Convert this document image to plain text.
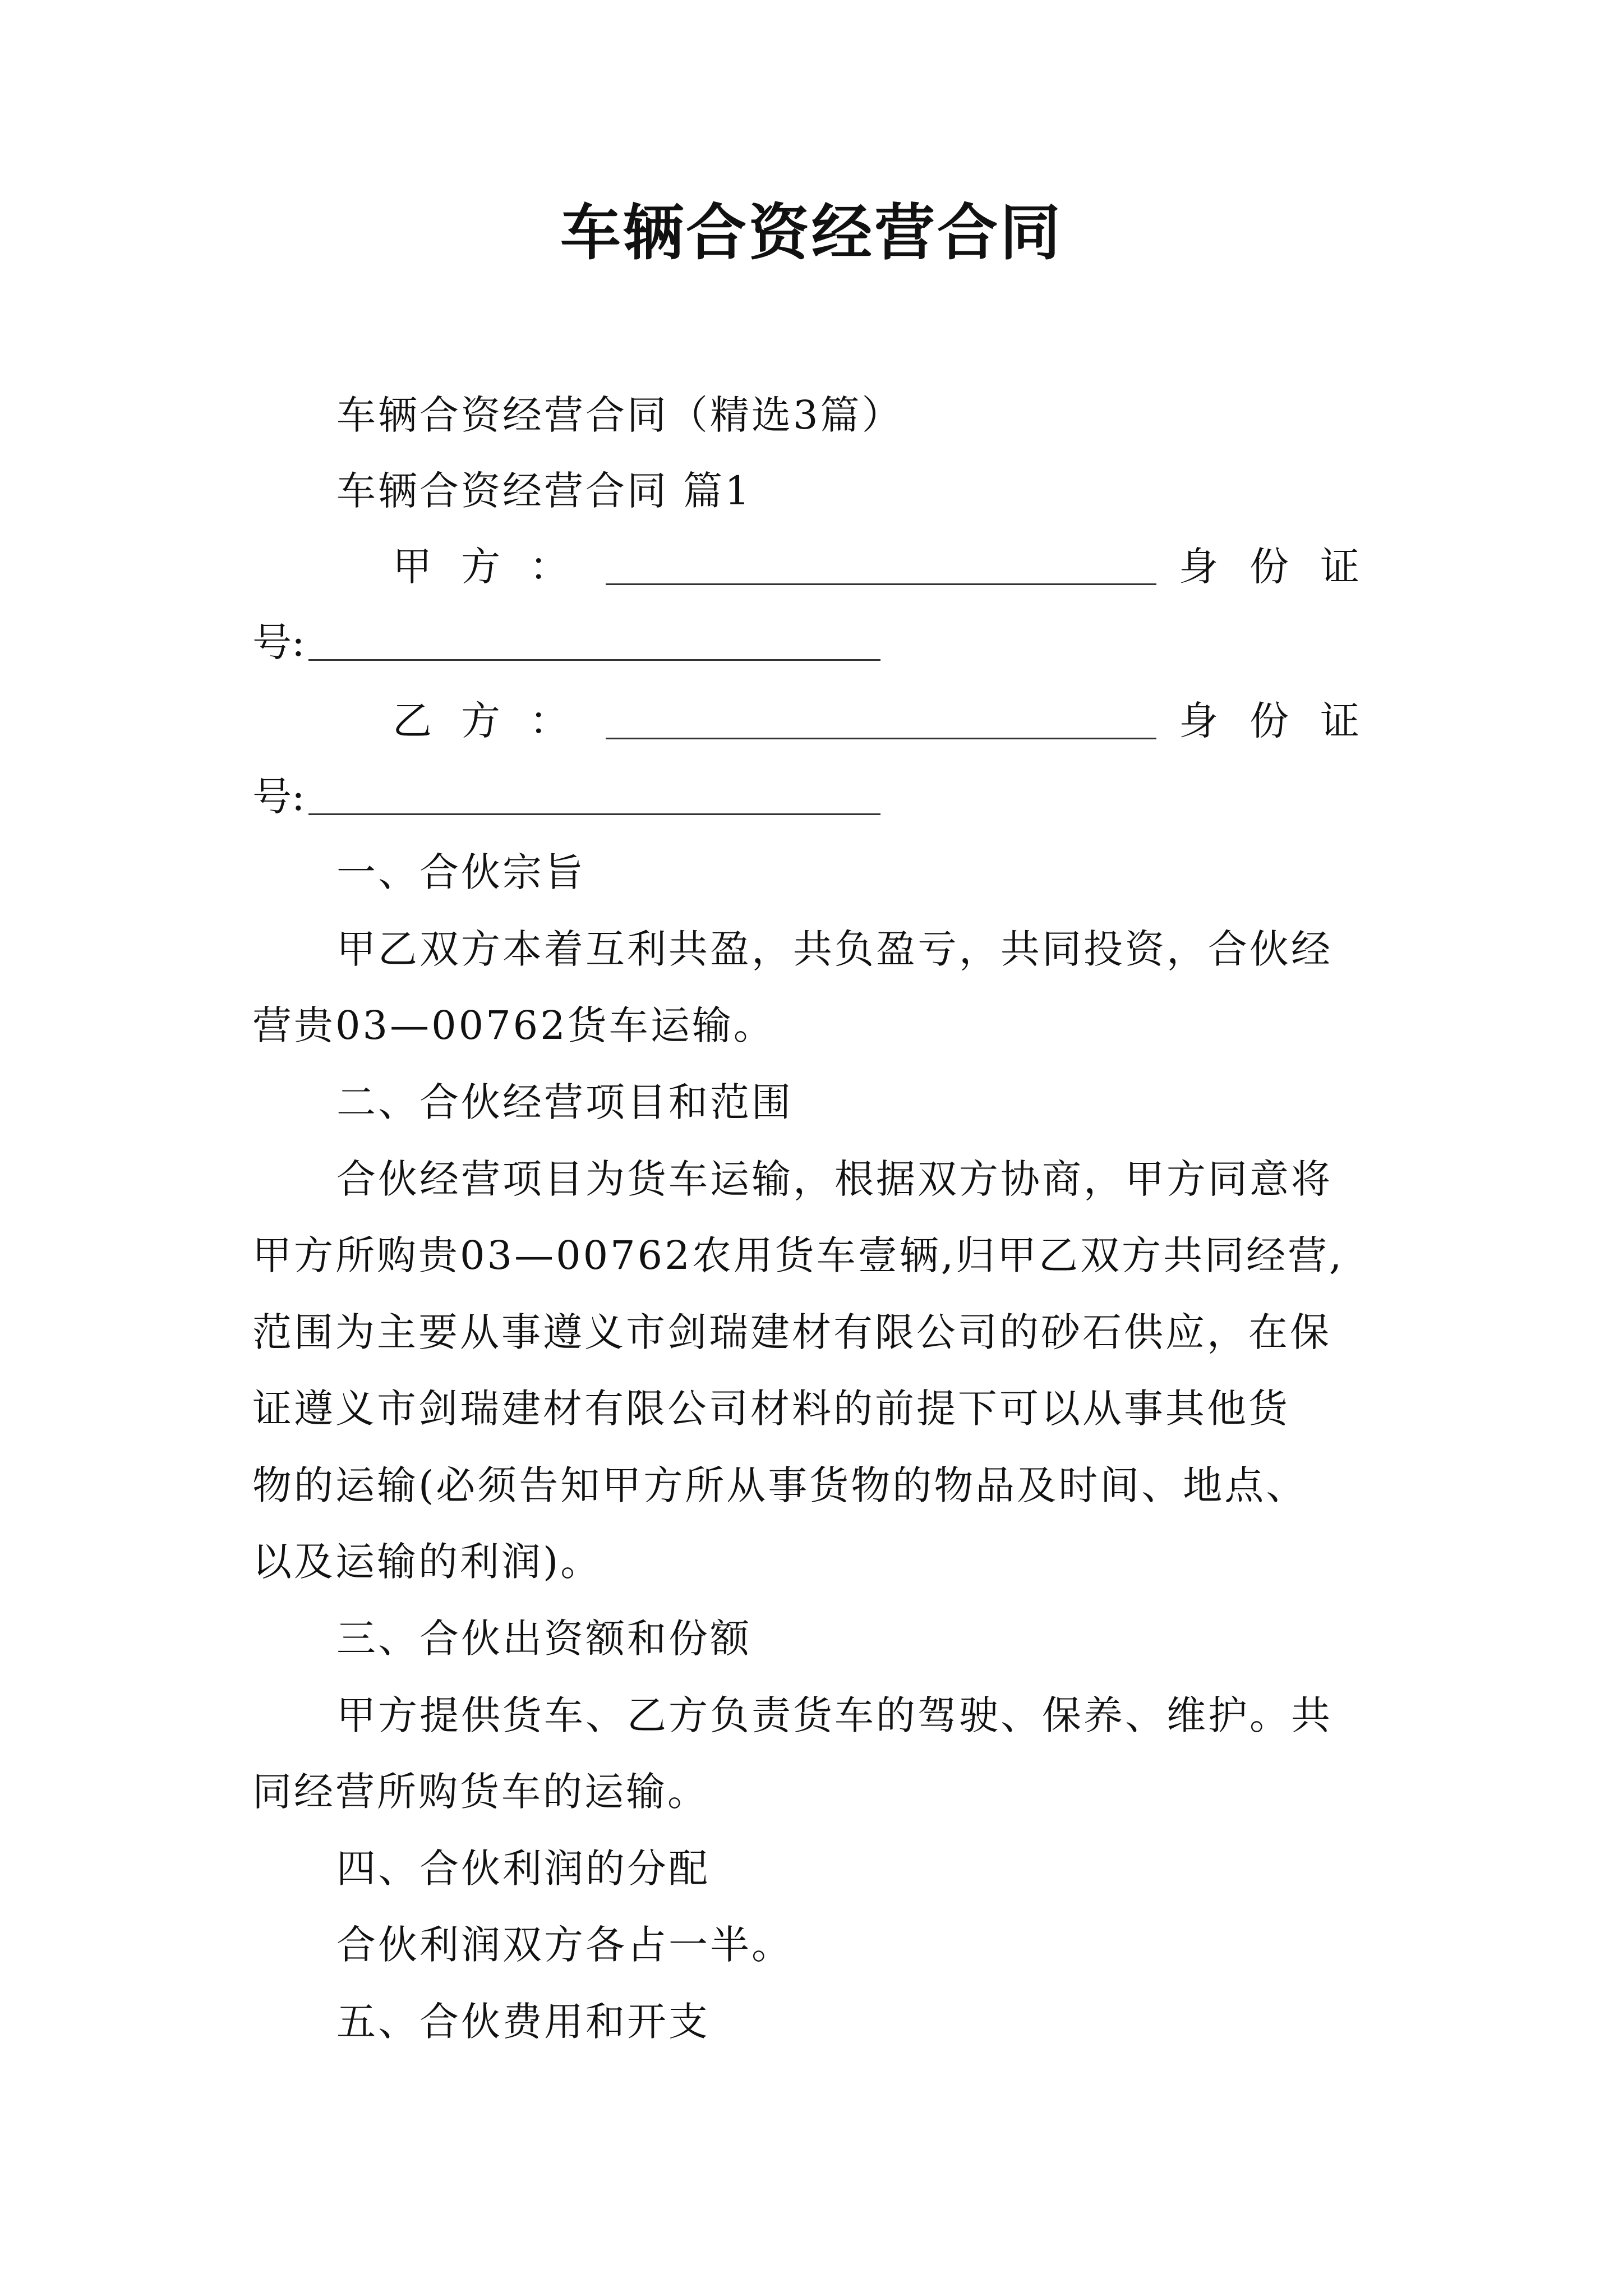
车辆合资经营合同
车辆合资经营合同（精选3篇）
车辆合资经营合同 篇1
甲方：	身份证
号:
乙方：	身份证
号:
一、合伙宗旨
甲乙双方本着互利共盈，共负盈亏，共同投资，合伙经
营贵03—00762货车运输。
二、合伙经营项目和范围
合伙经营项目为货车运输，根据双方协商，甲方同意将
甲方所购贵03—00762农用货车壹辆,归甲乙双方共同经营,
范围为主要从事遵义市剑瑞建材有限公司的砂石供应，在保
证遵义市剑瑞建材有限公司材料的前提下可以从事其他货
物的运输(必须告知甲方所从事货物的物品及时间、地点、
以及运输的利润)。
三、合伙出资额和份额
甲方提供货车、乙方负责货车的驾驶、保养、维护。共
同经营所购货车的运输。
四、合伙利润的分配
合伙利润双方各占一半。
五、合伙费用和开支
